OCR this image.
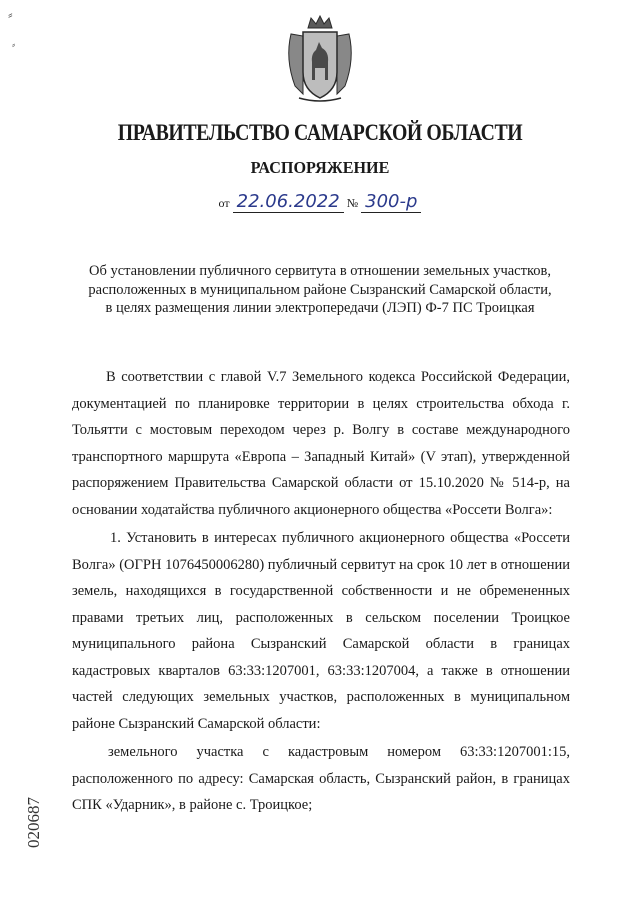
⸗
⸗
ПРАВИТЕЛЬСТВО САМАРСКОЙ ОБЛАСТИ
РАСПОРЯЖЕНИЕ
от 22.06.2022 № 300-р
Об установлении публичного сервитута в отношении земельных участков,
расположенных в муниципальном районе Сызранский Самарской области,
в целях размещения линии электропередачи (ЛЭП) Ф-7 ПС Троицкая

В соответствии с главой V.7 Земельного кодекса Российской Федерации, документацией по планировке территории в целях строительства обхода г. Тольятти с мостовым переходом через р. Волгу в составе международного транспортного маршрута «Европа – Западный Китай» (V этап), утвержденной распоряжением Правительства Самарской области от 15.10.2020 № 514-р, на основании ходатайства публичного акционерного общества «Россети Волга»:

1. Установить в интересах публичного акционерного общества «Россети Волга» (ОГРН 1076450006280) публичный сервитут на срок 10 лет в отношении земель, находящихся в государственной собственности и не обремененных правами третьих лиц, расположенных в сельском поселении Троицкое муниципального района Сызранский Самарской области в границах кадастровых кварталов 63:33:1207001, 63:33:1207004, а также в отношении частей следующих земельных участков, расположенных в муниципальном районе Сызранский Самарской области:

земельного участка с кадастровым номером 63:33:1207001:15, расположенного по адресу: Самарская область, Сызранский район, в границах СПК «Ударник», в районе с. Троицкое;

020687
